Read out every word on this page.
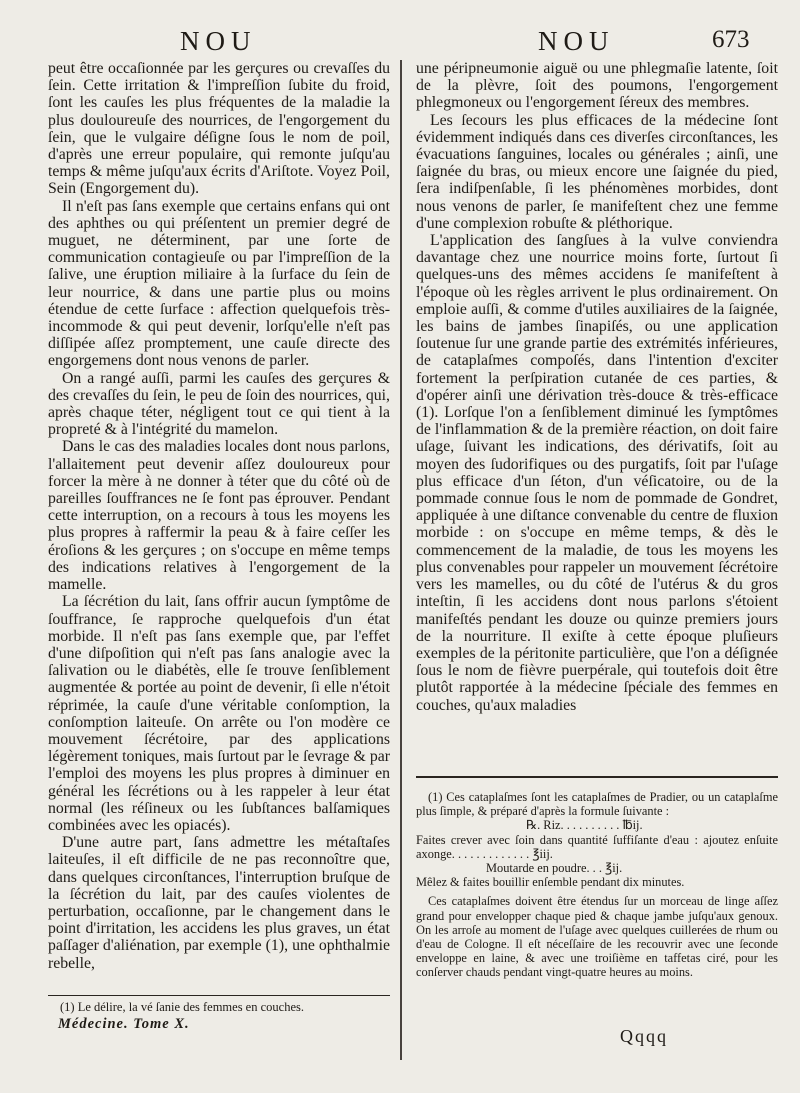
NOU	NOU	673

peut être occaſionnée par les gerçures ou crevaſſes du ſein. Cette irritation & l'impreſſion ſubite du froid, ſont les cauſes les plus fréquentes de la maladie la plus douloureuſe des nourrices, de l'engorgement du ſein, que le vulgaire déſigne ſous le nom de poil, d'après une erreur populaire, qui remonte juſqu'au temps & même juſqu'aux écrits d'Ariſtote. Voyez Poil, Sein (Engorgement du).

Il n'eſt pas ſans exemple que certains enfans qui ont des aphthes ou qui préſentent un premier degré de muguet, ne déterminent, par une ſorte de communication contagieuſe ou par l'impreſſion de la ſalive, une éruption miliaire à la ſurface du ſein de leur nourrice, & dans une partie plus ou moins étendue de cette ſurface : affection quelquefois très-incommode & qui peut devenir, lorſqu'elle n'eſt pas diſſipée aſſez promptement, une cauſe directe des engorgemens dont nous venons de parler.

On a rangé auſſi, parmi les cauſes des gerçures & des crevaſſes du ſein, le peu de ſoin des nourrices, qui, après chaque téter, négligent tout ce qui tient à la propreté & à l'intégrité du mamelon.

Dans le cas des maladies locales dont nous parlons, l'allaitement peut devenir aſſez douloureux pour forcer la mère à ne donner à téter que du côté où de pareilles ſouffrances ne ſe font pas éprouver. Pendant cette interruption, on a recours à tous les moyens les plus propres à raffermir la peau & à faire ceſſer les éroſions & les gerçures ; on s'occupe en même temps des indications relatives à l'engorgement de la mamelle.

La ſécrétion du lait, ſans offrir aucun ſymptôme de ſouffrance, ſe rapproche quelquefois d'un état morbide. Il n'eſt pas ſans exemple que, par l'effet d'une diſpoſition qui n'eſt pas ſans analogie avec la ſalivation ou le diabétès, elle ſe trouve ſenſiblement augmentée & portée au point de devenir, ſi elle n'étoit réprimée, la cauſe d'une véritable conſomption, la conſomption laiteuſe. On arrête ou l'on modère ce mouvement ſécrétoire, par des applications légèrement toniques, mais ſurtout par le ſevrage & par l'emploi des moyens les plus propres à diminuer en général les ſécrétions ou à les rappeler à leur état normal (les réſineux ou les ſubſtances balſamiques combinées avec les opiacés).

D'une autre part, ſans admettre les métaſtaſes laiteuſes, il eſt difficile de ne pas reconnoître que, dans quelques circonſtances, l'interruption bruſque de la ſécrétion du lait, par des cauſes violentes de perturbation, occaſionne, par le changement dans le point d'irritation, les accidens les plus graves, un état paſſager d'aliénation, par exemple (1), une ophthalmie rebelle,

une péripneumonie aiguë ou une phlegmaſie latente, ſoit de la plèvre, ſoit des poumons, l'engorgement phlegmoneux ou l'engorgement ſéreux des membres.

Les ſecours les plus efficaces de la médecine ſont évidemment indiqués dans ces diverſes circonſtances, les évacuations ſanguines, locales ou générales ; ainſi, une ſaignée du bras, ou mieux encore une ſaignée du pied, ſera indiſpenſable, ſi les phénomènes morbides, dont nous venons de parler, ſe manifeſtent chez une femme d'une complexion robuſte & pléthorique.

L'application des ſangſues à la vulve conviendra davantage chez une nourrice moins forte, ſurtout ſi quelques-uns des mêmes accidens ſe manifeſtent à l'époque où les règles arrivent le plus ordinairement. On emploie auſſi, & comme d'utiles auxiliaires de la ſaignée, les bains de jambes ſinapiſés, ou une application ſoutenue ſur une grande partie des extrémités inférieures, de cataplaſmes compoſés, dans l'intention d'exciter fortement la perſpiration cutanée de ces parties, & d'opérer ainſi une dérivation très-douce & très-efficace (1). Lorſque l'on a ſenſiblement diminué les ſymptômes de l'inflammation & de la première réaction, on doit faire uſage, ſuivant les indications, des dérivatifs, ſoit au moyen des ſudorifiques ou des purgatifs, ſoit par l'uſage plus efficace d'un ſéton, d'un véſicatoire, ou de la pommade connue ſous le nom de pommade de Gondret, appliquée à une diſtance convenable du centre de fluxion morbide : on s'occupe en même temps, & dès le commencement de la maladie, de tous les moyens les plus convenables pour rappeler un mouvement ſécrétoire vers les mamelles, ou du côté de l'utérus & du gros inteſtin, ſi les accidens dont nous parlons s'étoient manifeſtés pendant les douze ou quinze premiers jours de la nourriture. Il exiſte à cette époque pluſieurs exemples de la péritonite particulière, que l'on a déſignée ſous le nom de fièvre puerpérale, qui toutefois doit être plutôt rapportée à la médecine ſpéciale des femmes en couches, qu'aux maladies

(1) Le délire, la vé ſanie des femmes en couches.

Médecine. Tome X.

(1) Ces cataplaſmes ſont les cataplaſmes de Pradier, ou un cataplaſme plus ſimple, & préparé d'après la formule ſuivante :

℞. Riz. . . . . . . . . . ℔ij.

Faites crever avec ſoin dans quantité ſuffiſante d'eau : ajoutez enſuite axonge. . . . . . . . . . . . . ℥iij.

Moutarde en poudre. . . ℥ij.

Mêlez & faites bouillir enſemble pendant dix minutes.

Ces cataplaſmes doivent être étendus ſur un morceau de linge aſſez grand pour envelopper chaque pied & chaque jambe juſqu'aux genoux. On les arroſe au moment de l'uſage avec quelques cuillerées de rhum ou d'eau de Cologne. Il eſt néceſſaire de les recouvrir avec une ſeconde enveloppe en laine, & avec une troiſième en taffetas ciré, pour les conſerver chauds pendant vingt-quatre heures au moins.

Qqqq
